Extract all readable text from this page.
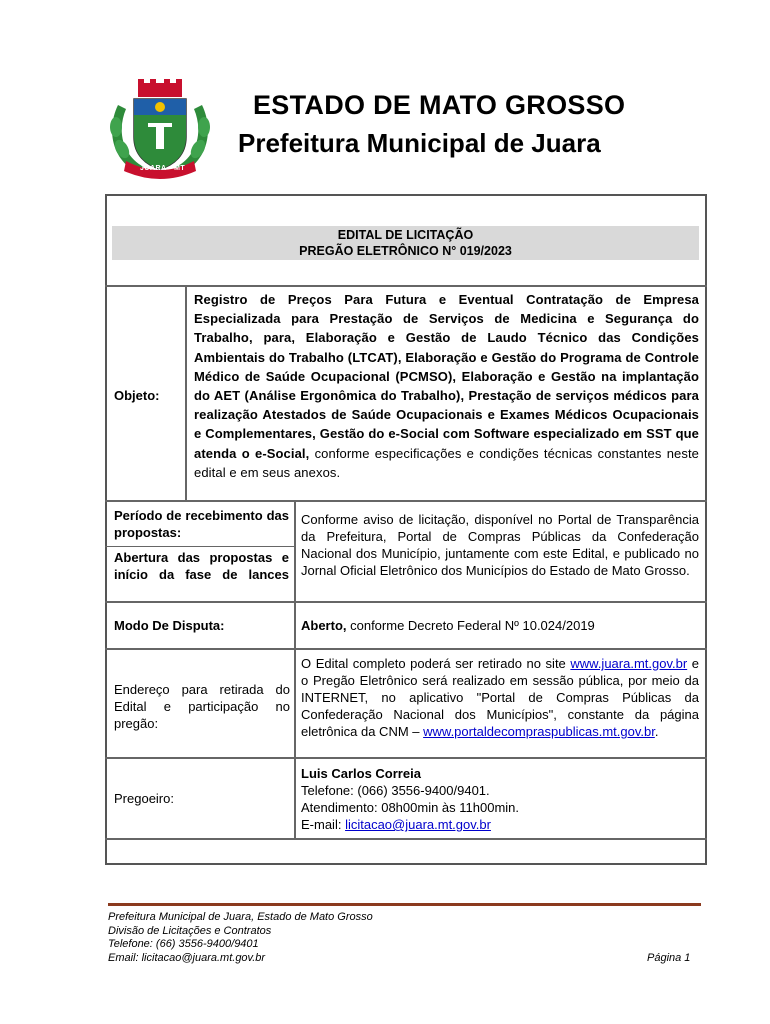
JUARA - MT
ESTADO DE MATO GROSSO
Prefeitura Municipal de Juara
EDITAL DE LICITAÇÃO
PREGÃO ELETRÔNICO N° 019/2023
Objeto:
Registro de Preços Para Futura e Eventual Contratação de Empresa Especializada para Prestação de Serviços de Medicina e Segurança do Trabalho, para, Elaboração e Gestão de Laudo Técnico das Condições Ambientais do Trabalho (LTCAT), Elaboração e Gestão do Programa de Controle Médico de Saúde Ocupacional (PCMSO), Elaboração e Gestão na implantação do AET (Análise Ergonômica do Trabalho), Prestação de serviços médicos para realização Atestados de Saúde Ocupacionais e Exames Médicos Ocupacionais e Complementares, Gestão do e-Social com Software especializado em SST que atenda o e-Social, conforme especificações e condições técnicas constantes neste edital e em seus anexos.
Período de recebimento das propostas:
Abertura das propostas e início da fase de lances
Conforme aviso de licitação, disponível no Portal de Transparência da Prefeitura, Portal de Compras Públicas da Confederação Nacional dos Município, juntamente com este Edital, e publicado no Jornal Oficial Eletrônico dos Municípios do Estado de Mato Grosso.
Modo De Disputa:	Aberto, conforme Decreto Federal Nº 10.024/2019
Endereço para retirada do Edital e participação no pregão:
O Edital completo poderá ser retirado no site www.juara.mt.gov.br e o Pregão Eletrônico será realizado em sessão pública, por meio da INTERNET, no aplicativo "Portal de Compras Públicas da Confederação Nacional dos Municípios", constante da página eletrônica da CNM – www.portaldecompraspublicas.mt.gov.br.
Pregoeiro:
Luis Carlos Correia
Telefone: (066) 3556-9400/9401.
Atendimento: 08h00min às 11h00min.
E-mail: licitacao@juara.mt.gov.br
Prefeitura Municipal de Juara, Estado de Mato Grosso
Divisão de Licitações e Contratos
Telefone: (66) 3556-9400/9401
Email: licitacao@juara.mt.gov.br	Página 1
